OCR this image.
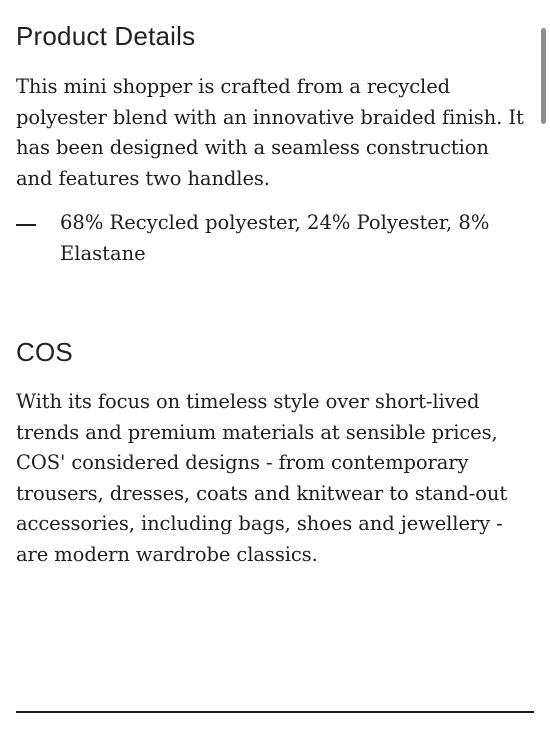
Product Details

This mini shopper is crafted from a recycled polyester blend with an innovative braided finish. It has been designed with a seamless construction and features two handles.

68% Recycled polyester, 24% Polyester, 8% Elastane
COS

With its focus on timeless style over short-lived trends and premium materials at sensible prices, COS' considered designs - from contemporary trousers, dresses, coats and knitwear to stand-out accessories, including bags, shoes and jewellery - are modern wardrobe classics.
